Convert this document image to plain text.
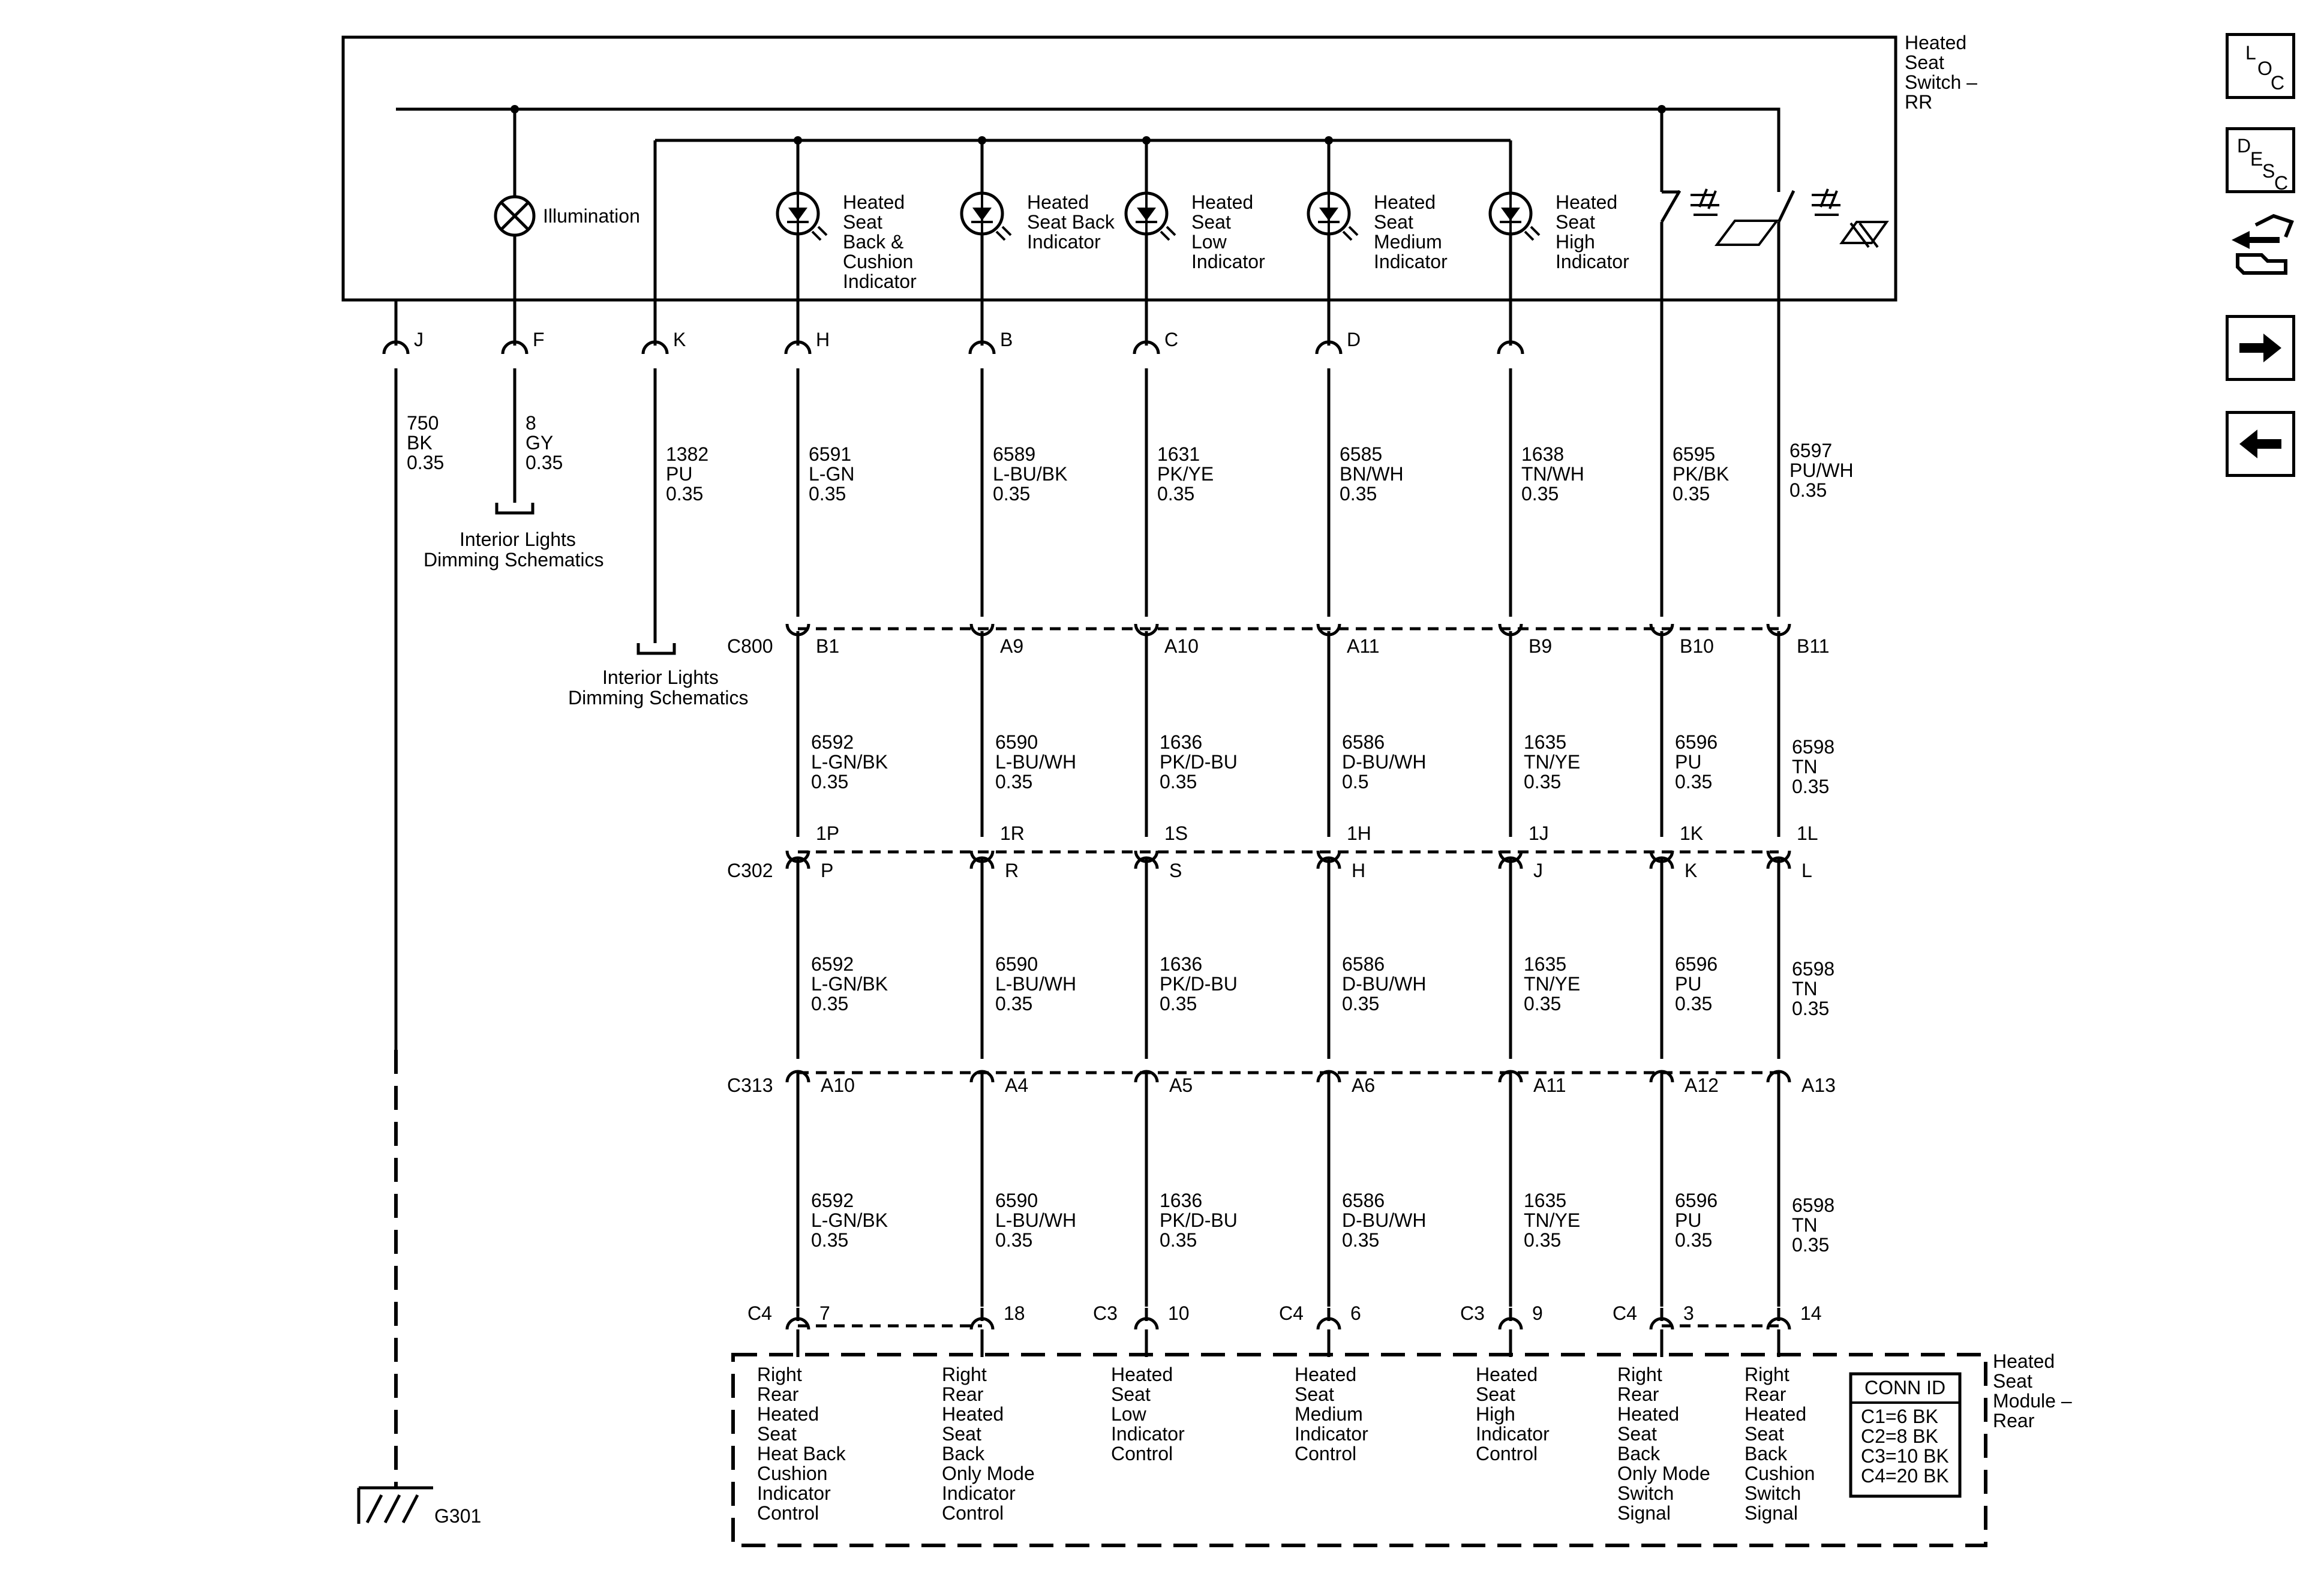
Heated
Seat
Switch –
RR
Illumination
Heated
Seat
Back &
Cushion
Indicator
Heated
Seat Back
Indicator
Heated
Seat
Low
Indicator
Heated
Seat
Medium
Indicator
Heated
Seat
High
Indicator
J	F	K	H	B	C	D
750
BK
0.35
8
GY
0.35	1382
PU
0.35
6591
L-GN
0.35
6589
L-BU/BK
0.35
1631
PK/YE
0.35
6585
BN/WH
0.35
1638
TN/WH
0.35
6595
PK/BK
0.35
6597
PU/WH
0.35
C800 B1
6592
L-GN/BK
0.35
A9
6590
L-BU/WH
0.35
A10
1636
PK/D-BU
0.35
A11
6586
D-BU/WH
0.5
B9
1635
TN/YE
0.35
B10
6596
PU
0.35
B11
6598
TN
0.35
C302
1P
P
6592
L-GN/BK
0.35
1R
R
6590
L-BU/WH
0.35
1S
S
1636
PK/D-BU
0.35
1H
H
6586
D-BU/WH
0.35
1J
J
1635
TN/YE
0.35
1K
K
6596
PU
0.35
1L
L
6598
TN
0.35
C313 A10
6592
L-GN/BK
0.35
A4
6590
L-BU/WH
0.35
A5
1636
PK/D-BU
0.35
A6
6586
D-BU/WH
0.35
A11
1635
TN/YE
0.35
A12
6596
PU
0.35
A13
6598
TN
0.35
C4	C3	C4	C3	C4
7	18	10	6	9	3	14
Right
Rear
Heated
Seat
Heat Back
Cushion
Indicator
Control
Right
Rear
Heated
Seat
Back
Only Mode
Indicator
Control
Heated
Seat
Low
Indicator
Control
Heated
Seat
Medium
Indicator
Control
Heated
Seat
High
Indicator
Control
Right
Rear
Heated
Seat
Back
Only Mode
Switch
Signal
Right
Rear
Heated
Seat
Back
Cushion
Switch
Signal
Interior Lights
Dimming Schematics
Interior Lights
Dimming Schematics
G301
Heated
Seat
Module –
Rear
CONN ID
C1=6 BK
C2=8 BK
C3=10 BK
C4=20 BK
L
O
C
D
E
S
C
